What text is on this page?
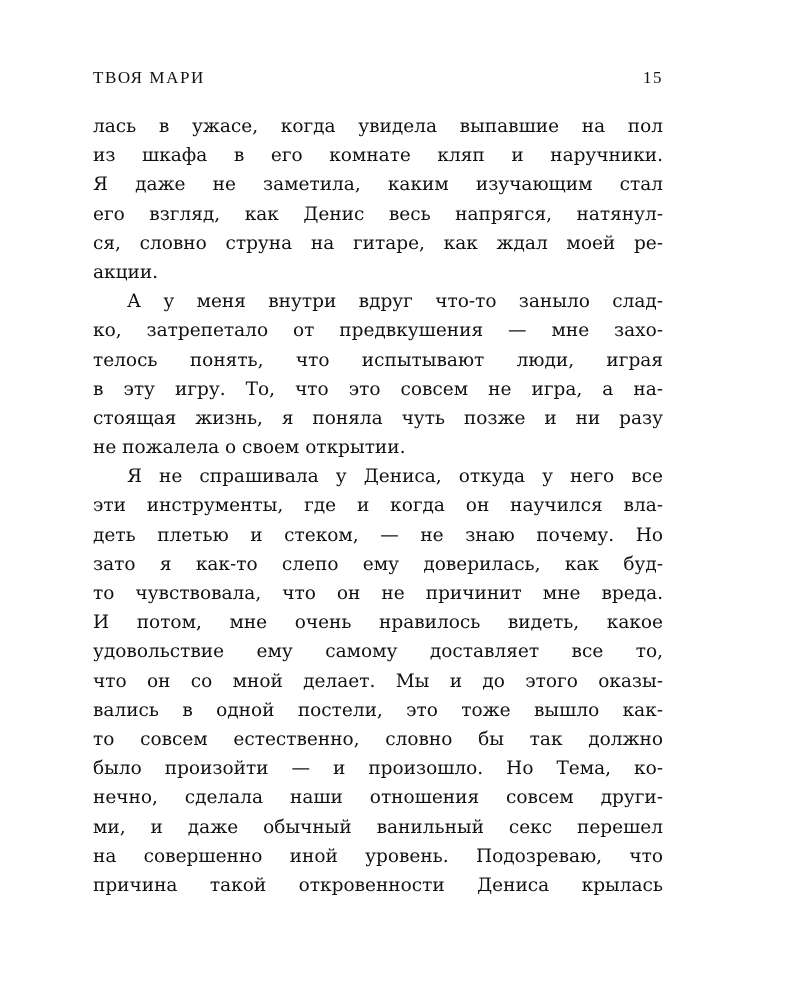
ТВОЯ МАРИ	15
лась в ужасе, когда увидела выпавшие на пол
из шкафа в его комнате кляп и наручники.
Я даже не заметила, каким изучающим стал
его взгляд, как Денис весь напрягся, натянул-
ся, словно струна на гитаре, как ждал моей ре-
акции.
А у меня внутри вдруг что-то заныло слад-
ко, затрепетало от предвкушения — мне захо-
телось понять, что испытывают люди, играя
в эту игру. То, что это совсем не игра, а на-
стоящая жизнь, я поняла чуть позже и ни разу
не пожалела о своем открытии.
Я не спрашивала у Дениса, откуда у него все
эти инструменты, где и когда он научился вла-
деть плетью и стеком, — не знаю почему. Но
зато я как-то слепо ему доверилась, как буд-
то чувствовала, что он не причинит мне вреда.
И потом, мне очень нравилось видеть, какое
удовольствие ему самому доставляет все то,
что он со мной делает. Мы и до этого оказы-
вались в одной постели, это тоже вышло как-
то совсем естественно, словно бы так должно
было произойти — и произошло. Но Тема, ко-
нечно, сделала наши отношения совсем други-
ми, и даже обычный ванильный секс перешел
на совершенно иной уровень. Подозреваю, что
причина такой откровенности Дениса крылась
